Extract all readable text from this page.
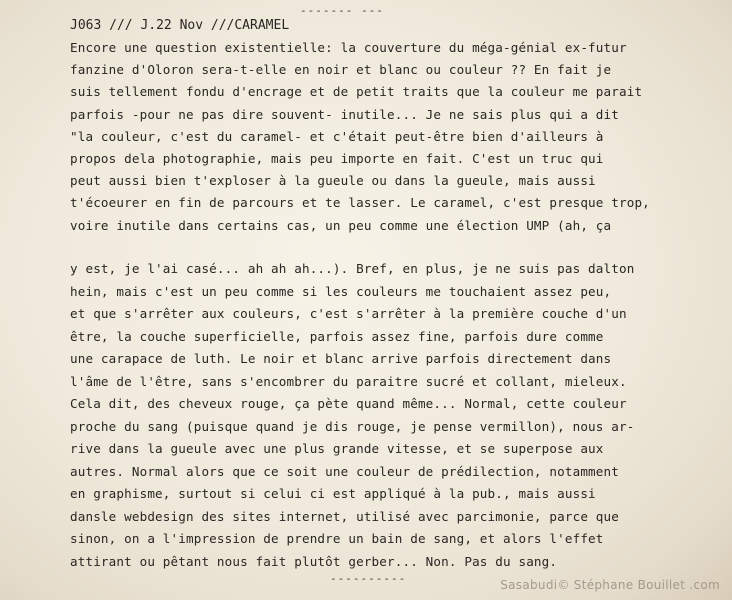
------- ---
J063 /// J.22 Nov ///CARAMEL
Encore une question existentielle: la couverture du méga-génial ex-futur
fanzine d'Oloron sera-t-elle en noir et blanc ou couleur ?? En fait je
suis tellement fondu d'encrage et de petit traits que la couleur me parait
parfois -pour ne pas dire souvent- inutile... Je ne sais plus qui a dit
"la couleur, c'est du caramel- et c'était peut-être bien d'ailleurs à
propos dela photographie, mais peu importe en fait. C'est un truc qui
peut aussi bien t'exploser à la gueule ou dans la gueule, mais aussi
t'écoeurer en fin de parcours et te lasser. Le caramel, c'est presque trop,
voire inutile dans certains cas, un peu comme une élection UMP (ah, ça
y est, je l'ai casé... ah ah ah...). Bref, en plus, je ne suis pas dalton
hein, mais c'est un peu comme si les couleurs me touchaient assez peu,
et que s'arrêter aux couleurs, c'est s'arrêter à la première couche d'un
être, la couche superficielle, parfois assez fine, parfois dure comme
une carapace de luth. Le noir et blanc arrive parfois directement dans
l'âme de l'être, sans s'encombrer du paraitre sucré et collant, mieleux.
Cela dit, des cheveux rouge, ça pète quand même... Normal, cette couleur
proche du sang (puisque quand je dis rouge, je pense vermillon), nous ar-
rive dans la gueule avec une plus grande vitesse, et se superpose aux
autres. Normal alors que ce soit une couleur de prédilection, notamment
en graphisme, surtout si celui ci est appliqué à la pub., mais aussi
dansle webdesign des sites internet, utilisé avec parcimonie, parce que
sinon, on a l'impression de prendre un bain de sang, et alors l'effet
attirant ou pêtant nous fait plutôt gerber... Non. Pas du sang.
----------	Sasabudi© Stéphane Bouillet .com
